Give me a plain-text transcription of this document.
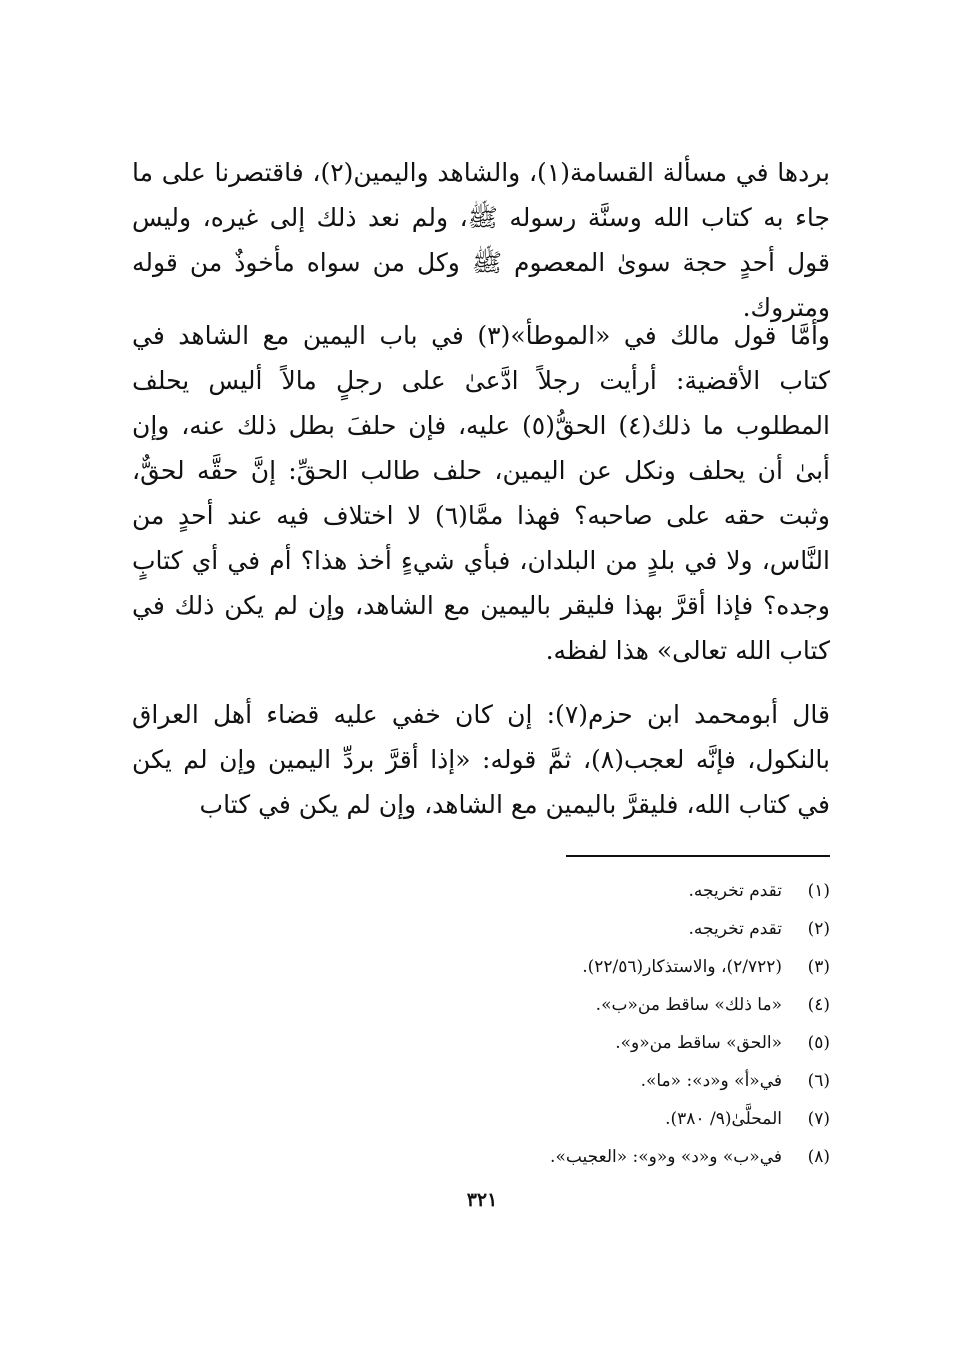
بردها في مسألة القسامة(١)، والشاهد واليمين(٢)، فاقتصرنا على ما جاء به كتاب الله وسنَّة رسوله ﷺ، ولم نعد ذلك إلى غيره، وليس قول أحدٍ حجة سوىٰ المعصوم ﷺ وكل من سواه مأخوذٌ من قوله ومتروك.

وأمَّا قول مالك في «الموطأ»(٣) في باب اليمين مع الشاهد في كتاب الأقضية: أرأيت رجلاً ادَّعىٰ على رجلٍ مالاً أليس يحلف المطلوب ما ذلك(٤) الحقُّ(٥) عليه، فإن حلفَ بطل ذلك عنه، وإن أبىٰ أن يحلف ونكل عن اليمين، حلف طالب الحقِّ: إنَّ حقَّه لحقٌّ، وثبت حقه على صاحبه؟ فهذا ممَّا(٦) لا اختلاف فيه عند أحدٍ من النَّاس، ولا في بلدٍ من البلدان، فبأي شيءٍ أخذ هذا؟ أم في أي كتابٍ وجده؟ فإذا أقرَّ بهذا فليقر باليمين مع الشاهد، وإن لم يكن ذلك في كتاب الله تعالى» هذا لفظه.

قال أبومحمد ابن حزم(٧): إن كان خفي عليه قضاء أهل العراق بالنكول، فإنَّه لعجب(٨)، ثمَّ قوله: «إذا أقرَّ بردِّ اليمين وإن لم يكن في كتاب الله، فليقرَّ باليمين مع الشاهد، وإن لم يكن في كتاب

(١)تقدم تخريجه.
(٢)تقدم تخريجه.
(٣)(٢/٧٢٢)، والاستذكار(٢٢/٥٦).
(٤)«ما ذلك» ساقط من«ب».
(٥)«الحق» ساقط من«و».
(٦)في«أ» و«د»: «ما».
(٧)المحلَّىٰ(٩/ ٣٨٠).
(٨)في«ب» و«د» و«و»: «العجيب».
٣٢١
